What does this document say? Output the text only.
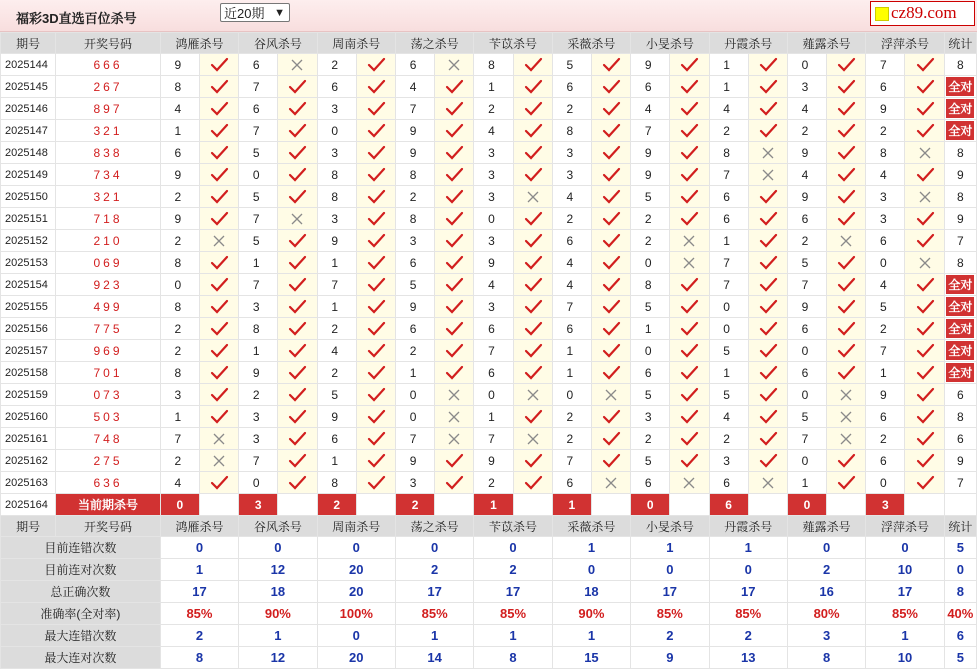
福彩3D直选百位杀号	近20期 ▼	cz89.com
期号	开奖号码	鸿雁杀号		谷风杀号		周南杀号		荡之杀号		苄苡杀号		采薇杀号		小旻杀号		丹霞杀号		薤露杀号		浮萍杀号		统计
2025144	666	9		6		2		6		8		5		9		1		0		7		8
2025145	267	8		7		6		4		1		6		6		1		3		6		全对
2025146	897	4		6		3		7		2		2		4		4		4		9		全对
2025147	321	1		7		0		9		4		8		7		2		2		2		全对
2025148	838	6		5		3		9		3		3		9		8		9		8		8
2025149	734	9		0		8		8		3		3		9		7		4		4		9
2025150	321	2		5		8		2		3		4		5		6		9		3		8
2025151	718	9		7		3		8		0		2		2		6		6		3		9
2025152	210	2		5		9		3		3		6		2		1		2		6		7
2025153	069	8		1		1		6		9		4		0		7		5		0		8
2025154	923	0		7		7		5		4		4		8		7		7		4		全对
2025155	499	8		3		1		9		3		7		5		0		9		5		全对
2025156	775	2		8		2		6		6		6		1		0		6		2		全对
2025157	969	2		1		4		2		7		1		0		5		0		7		全对
2025158	701	8		9		2		1		6		1		6		1		6		1		全对
2025159	073	3		2		5		0		0		0		5		5		0		9		6
2025160	503	1		3		9		0		1		2		3		4		5		6		8
2025161	748	7		3		6		7		7		2		2		2		7		2		6
2025162	275	2		7		1		9		9		7		5		3		0		6		9
2025163	636	4		0		8		3		2		6		6		6		1		0		7
2025164	当前期杀号	0		3		2		2		1		1		0		6		0		3		
期号	开奖号码	鸿雁杀号		谷风杀号		周南杀号		荡之杀号		苄苡杀号		采薇杀号		小旻杀号		丹霞杀号		薤露杀号		浮萍杀号		统计
目前连错次数		0		0		0		0		0		1		1		1		0		0		5
目前连对次数		1		12		20		2		2		0		0		0		2		10		0
总正确次数		17		18		20		17		17		18		17		17		16		17		8
准确率(全对率)		85%		90%		100%		85%		85%		90%		85%		85%		80%		85%		40%
最大连错次数		2		1		0		1		1		1		2		2		3		1		6
最大连对次数		8		12		20		14		8		15		9		13		8		10		5
